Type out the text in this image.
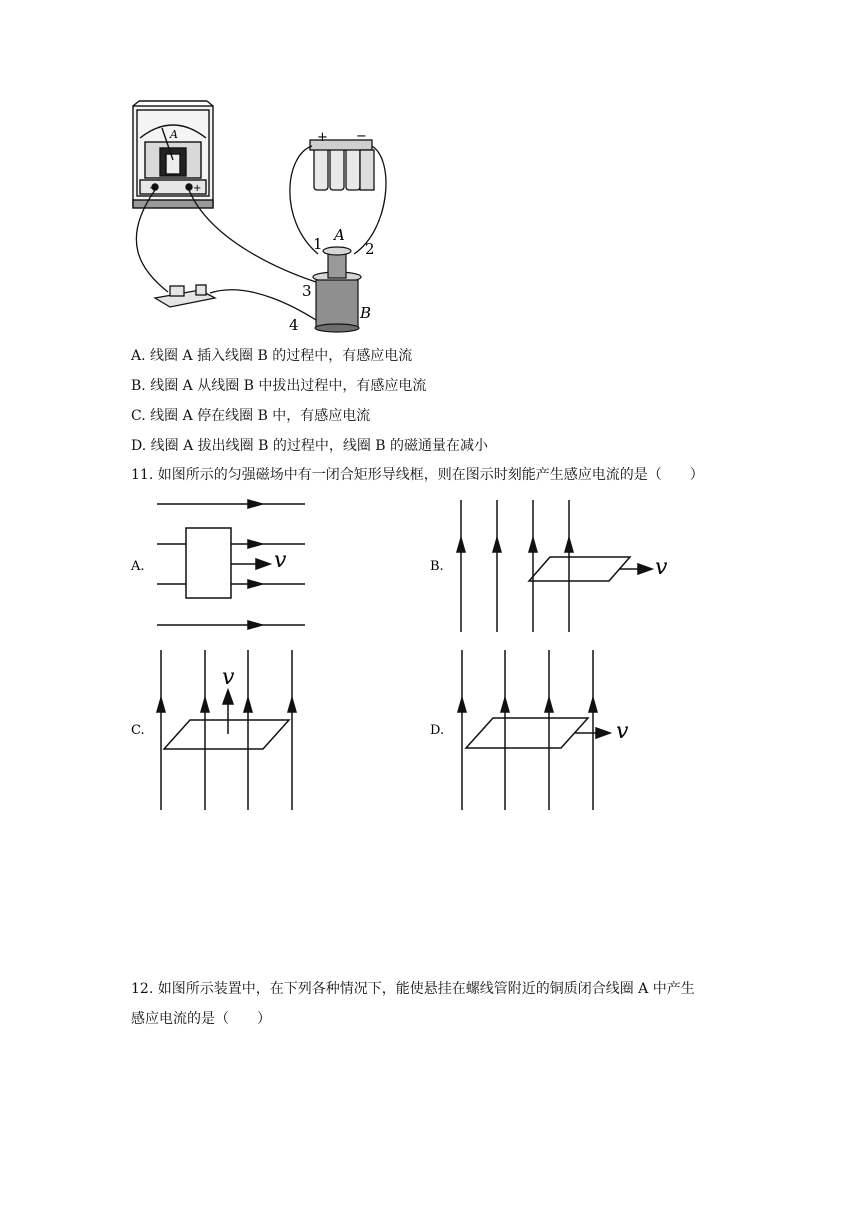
A
−	+
+ −
1 A
2
3
4
B
A. 线圈 A 插入线圈 B 的过程中，有感应电流
B. 线圈 A 从线圈 B 中拔出过程中，有感应电流
C. 线圈 A 停在线圈 B 中，有感应电流
D. 线圈 A 拔出线圈 B 的过程中，线圈 B 的磁通量在减小
11. 如图所示的匀强磁场中有一闭合矩形导线框，则在图示时刻能产生感应电流的是（　　）
A.	B.
C.	D.
v	v
v
v
12. 如图所示装置中，在下列各种情况下，能使悬挂在螺线管附近的铜质闭合线圈 A 中产生
感应电流的是（　　）
